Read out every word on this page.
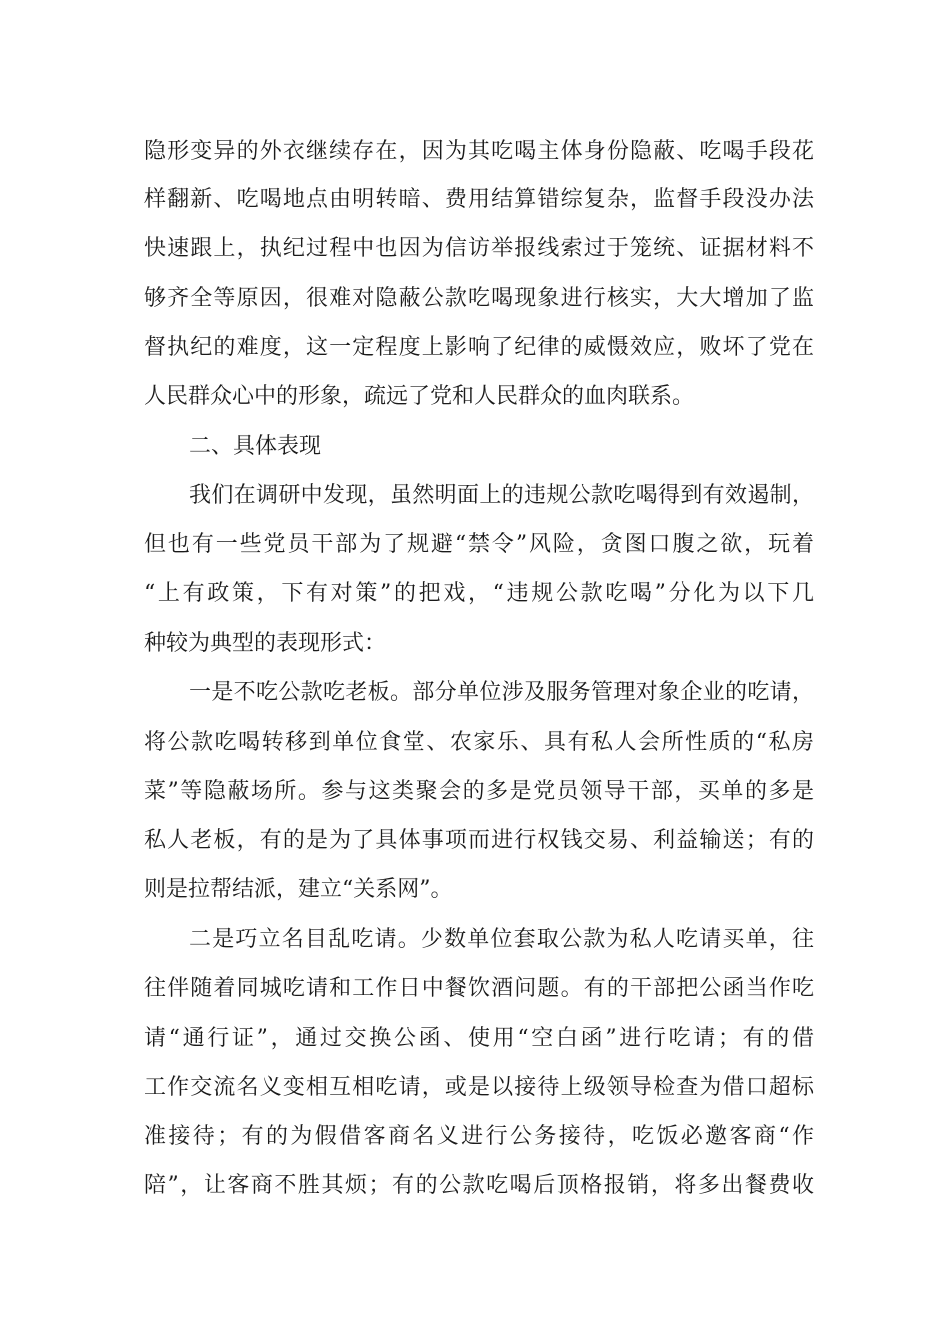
隐形变异的外衣继续存在，因为其吃喝主体身份隐蔽、吃喝手段花
样翻新、吃喝地点由明转暗、费用结算错综复杂，监督手段没办法
快速跟上，执纪过程中也因为信访举报线索过于笼统、证据材料不
够齐全等原因，很难对隐蔽公款吃喝现象进行核实，大大增加了监
督执纪的难度，这一定程度上影响了纪律的威慑效应，败坏了党在
人民群众心中的形象，疏远了党和人民群众的血肉联系。
二、具体表现
我们在调研中发现，虽然明面上的违规公款吃喝得到有效遏制，
但也有一些党员干部为了规避“禁令”风险，贪图口腹之欲，玩着
“上有政策，下有对策”的把戏，“违规公款吃喝”分化为以下几
种较为典型的表现形式：
一是不吃公款吃老板。部分单位涉及服务管理对象企业的吃请，
将公款吃喝转移到单位食堂、农家乐、具有私人会所性质的“私房
菜”等隐蔽场所。参与这类聚会的多是党员领导干部，买单的多是
私人老板，有的是为了具体事项而进行权钱交易、利益输送；有的
则是拉帮结派，建立“关系网”。
二是巧立名目乱吃请。少数单位套取公款为私人吃请买单，往
往伴随着同城吃请和工作日中餐饮酒问题。有的干部把公函当作吃
请“通行证”，通过交换公函、使用“空白函”进行吃请；有的借
工作交流名义变相互相吃请，或是以接待上级领导检查为借口超标
准接待；有的为假借客商名义进行公务接待，吃饭必邀客商“作
陪”，让客商不胜其烦；有的公款吃喝后顶格报销，将多出餐费收
